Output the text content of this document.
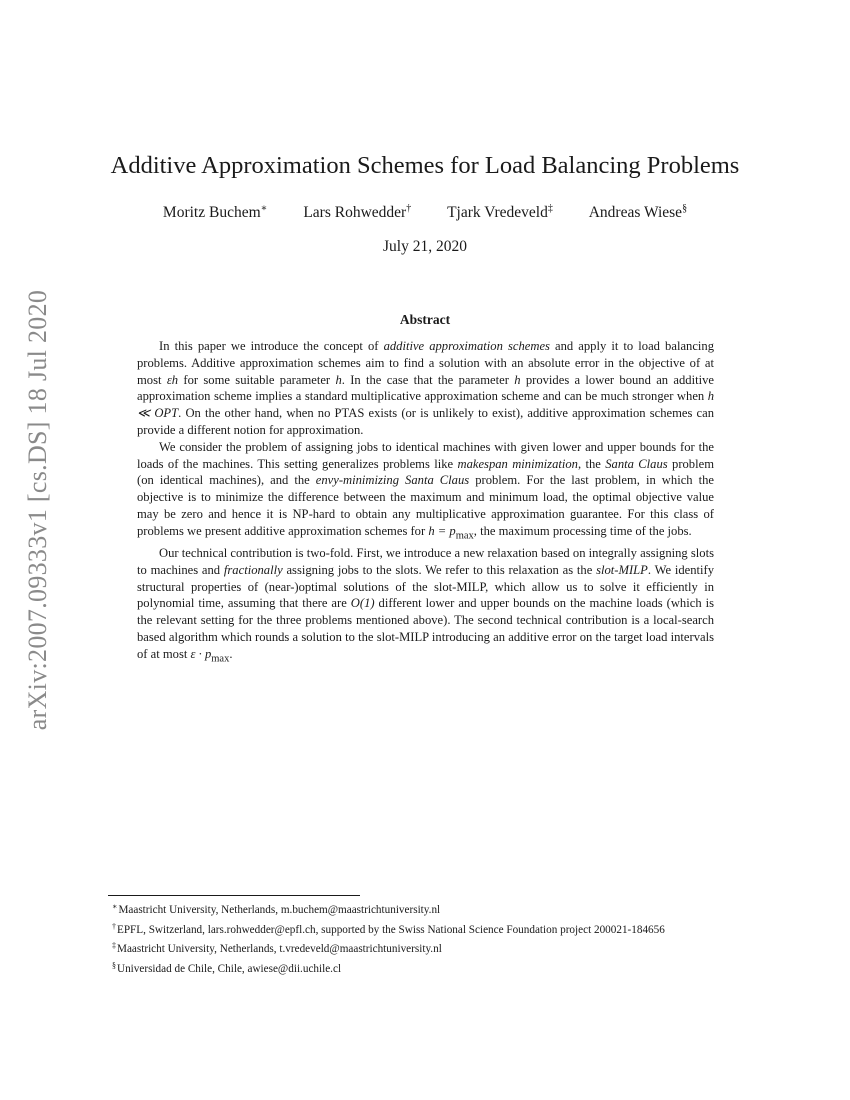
arXiv:2007.09333v1 [cs.DS] 18 Jul 2020
Additive Approximation Schemes for Load Balancing Problems
Moritz Buchem∗ Lars Rohwedder† Tjark Vredeveld‡ Andreas Wiese§
July 21, 2020
Abstract

In this paper we introduce the concept of additive approximation schemes and apply it to load balancing problems. Additive approximation schemes aim to find a solution with an absolute error in the objective of at most εh for some suitable parameter h. In the case that the parameter h provides a lower bound an additive approximation scheme implies a standard multiplicative approximation scheme and can be much stronger when h ≪ OPT. On the other hand, when no PTAS exists (or is unlikely to exist), additive approximation schemes can provide a different notion for approximation.

We consider the problem of assigning jobs to identical machines with given lower and upper bounds for the loads of the machines. This setting generalizes problems like makespan minimization, the Santa Claus problem (on identical machines), and the envy-minimizing Santa Claus problem. For the last problem, in which the objective is to minimize the difference between the maximum and minimum load, the optimal objective value may be zero and hence it is NP-hard to obtain any multiplicative approximation guarantee. For this class of problems we present additive approximation schemes for $h = p_{max}$, the maximum processing time of the jobs.

Our technical contribution is two-fold. First, we introduce a new relaxation based on integrally assigning slots to machines and fractionally assigning jobs to the slots. We refer to this relaxation as the slot-MILP. We identify structural properties of (near-)optimal solutions of the slot-MILP, which allow us to solve it efficiently in polynomial time, assuming that there are O(1) different lower and upper bounds on the machine loads (which is the relevant setting for the three problems mentioned above). The second technical contribution is a local-search based algorithm which rounds a solution to the slot-MILP introducing an additive error on the target load intervals of at most $\varepsilon \cdot p_{max}$.

∗Maastricht University, Netherlands, m.buchem@maastrichtuniversity.nl
†EPFL, Switzerland, lars.rohwedder@epfl.ch, supported by the Swiss National Science Foundation project 200021-184656
‡Maastricht University, Netherlands, t.vredeveld@maastrichtuniversity.nl
§Universidad de Chile, Chile, awiese@dii.uchile.cl
